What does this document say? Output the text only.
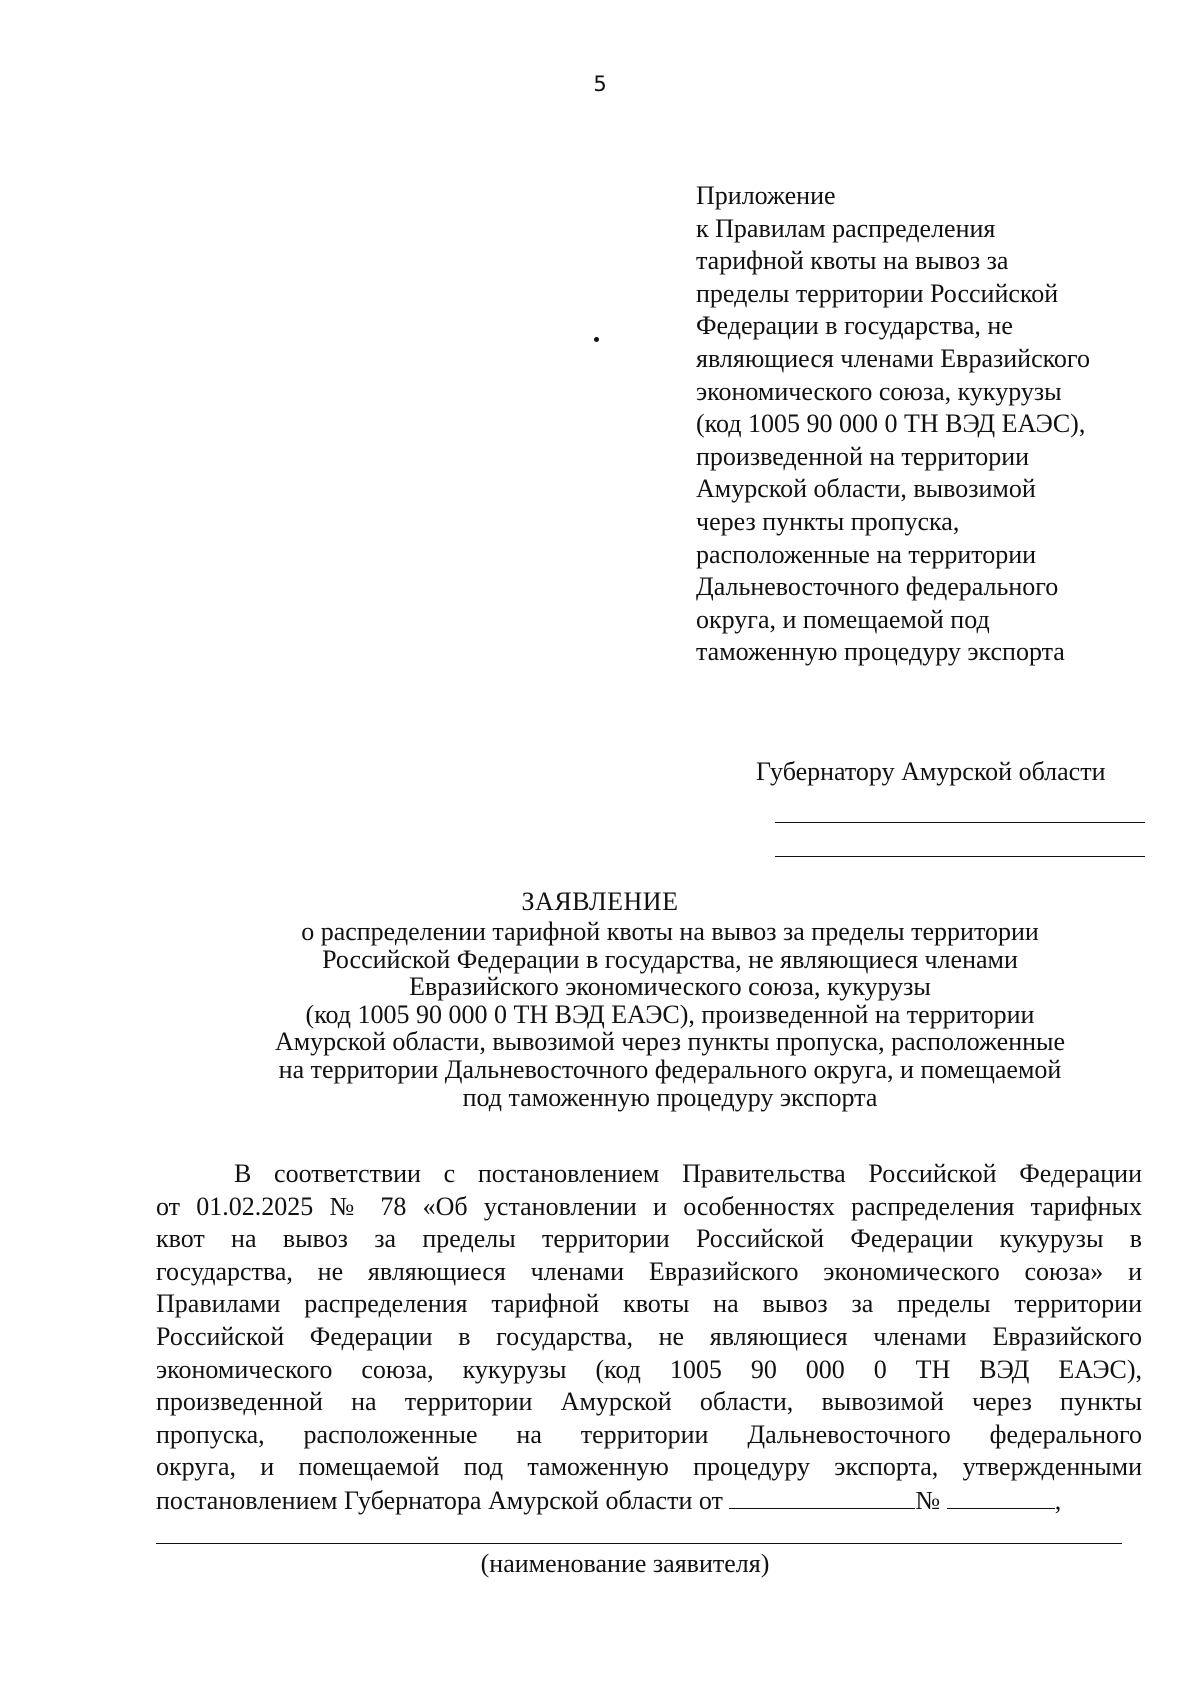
5
Приложение
к Правилам распределения
тарифной квоты на вывоз за
пределы территории Российской
Федерации в государства, не
являющиеся членами Евразийского
экономического союза, кукурузы
(код 1005 90 000 0 ТН ВЭД ЕАЭС),
произведенной на территории
Амурской области, вывозимой
через пункты пропуска,
расположенные на территории
Дальневосточного федерального
округа, и помещаемой под
таможенную процедуру экспорта
Губернатору Амурской области
ЗАЯВЛЕНИЕ
о распределении тарифной квоты на вывоз за пределы территории
Российской Федерации в государства, не являющиеся членами
Евразийского экономического союза, кукурузы
(код 1005 90 000 0 ТН ВЭД ЕАЭС), произведенной на территории
Амурской области, вывозимой через пункты пропуска, расположенные
на территории Дальневосточного федерального округа, и помещаемой
под таможенную процедуру экспорта
В соответствии с постановлением Правительства Российской Федерации
от 01.02.2025 № 78 «Об установлении и особенностях распределения тарифных
квот на вывоз за пределы территории Российской Федерации кукурузы в
государства, не являющиеся членами Евразийского экономического союза» и
Правилами распределения тарифной квоты на вывоз за пределы территории
Российской Федерации в государства, не являющиеся членами Евразийского
экономического союза, кукурузы (код 1005 90 000 0 ТН ВЭД ЕАЭС),
произведенной на территории Амурской области, вывозимой через пункты
пропуска, расположенные на территории Дальневосточного федерального
округа, и помещаемой под таможенную процедуру экспорта, утвержденными
постановлением Губернатора Амурской области от	№	,
(наименование заявителя)
